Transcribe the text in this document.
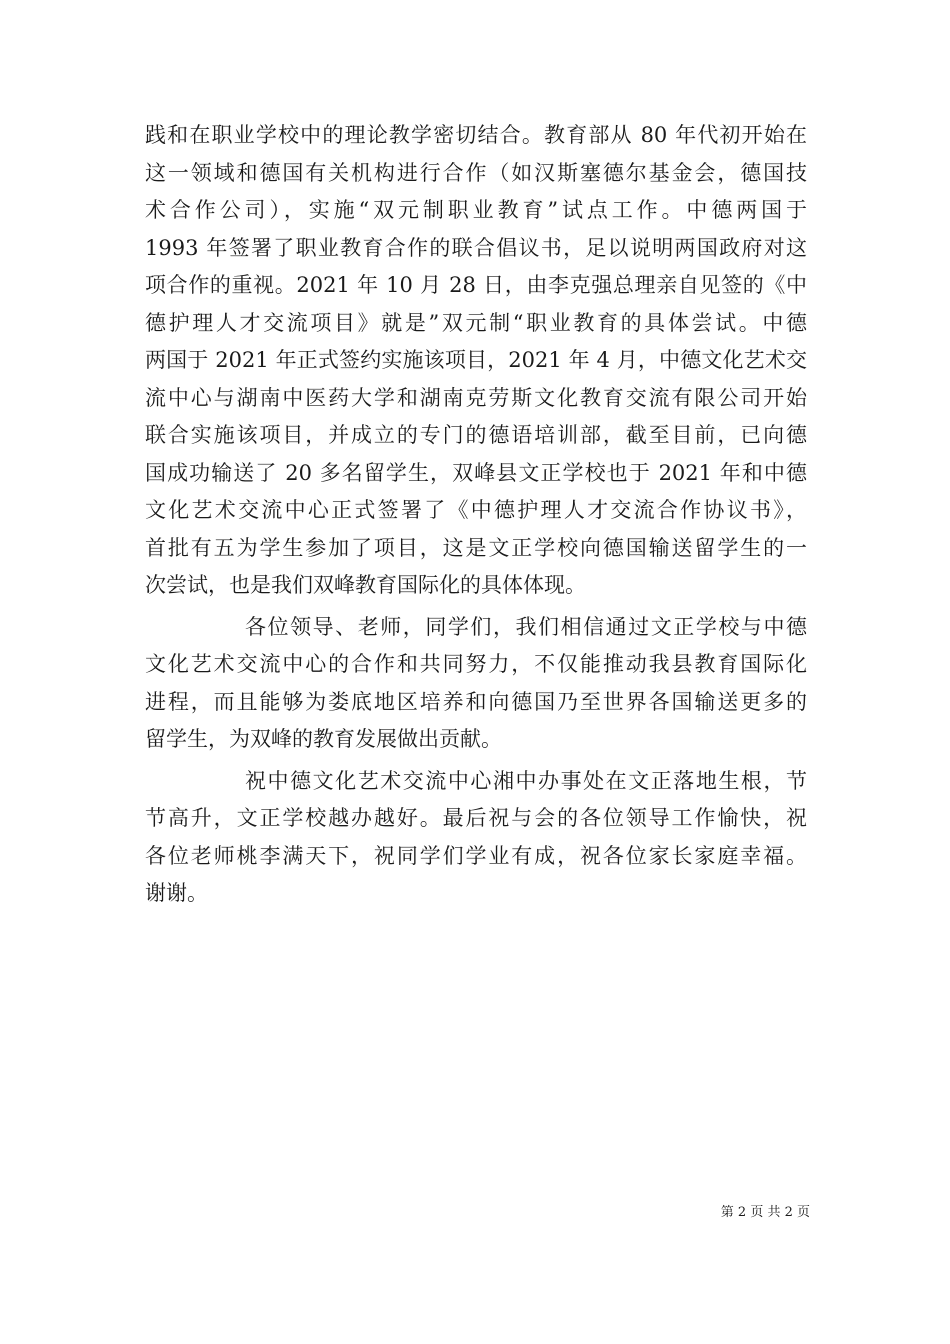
践和在职业学校中的理论教学密切结合。教育部从 80 年代初开始在
这一领域和德国有关机构进行合作（如汉斯塞德尔基金会，德国技
术合作公司），实施“双元制职业教育”试点工作。中德两国于
1993 年签署了职业教育合作的联合倡议书，足以说明两国政府对这
项合作的重视。2021 年 10 月 28 日，由李克强总理亲自见签的《中
德护理人才交流项目》就是”双元制“职业教育的具体尝试。中德
两国于 2021 年正式签约实施该项目，2021 年 4 月，中德文化艺术交
流中心与湖南中医药大学和湖南克劳斯文化教育交流有限公司开始
联合实施该项目，并成立的专门的德语培训部，截至目前，已向德
国成功输送了 20 多名留学生，双峰县文正学校也于 2021 年和中德
文化艺术交流中心正式签署了《中德护理人才交流合作协议书》，
首批有五为学生参加了项目，这是文正学校向德国输送留学生的一
次尝试，也是我们双峰教育国际化的具体体现。
各位领导、老师，同学们，我们相信通过文正学校与中德
文化艺术交流中心的合作和共同努力，不仅能推动我县教育国际化
进程，而且能够为娄底地区培养和向德国乃至世界各国输送更多的
留学生，为双峰的教育发展做出贡献。
祝中德文化艺术交流中心湘中办事处在文正落地生根，节
节高升，文正学校越办越好。最后祝与会的各位领导工作愉快，祝
各位老师桃李满天下，祝同学们学业有成，祝各位家长家庭幸福。
谢谢。
第 2 页 共 2 页
